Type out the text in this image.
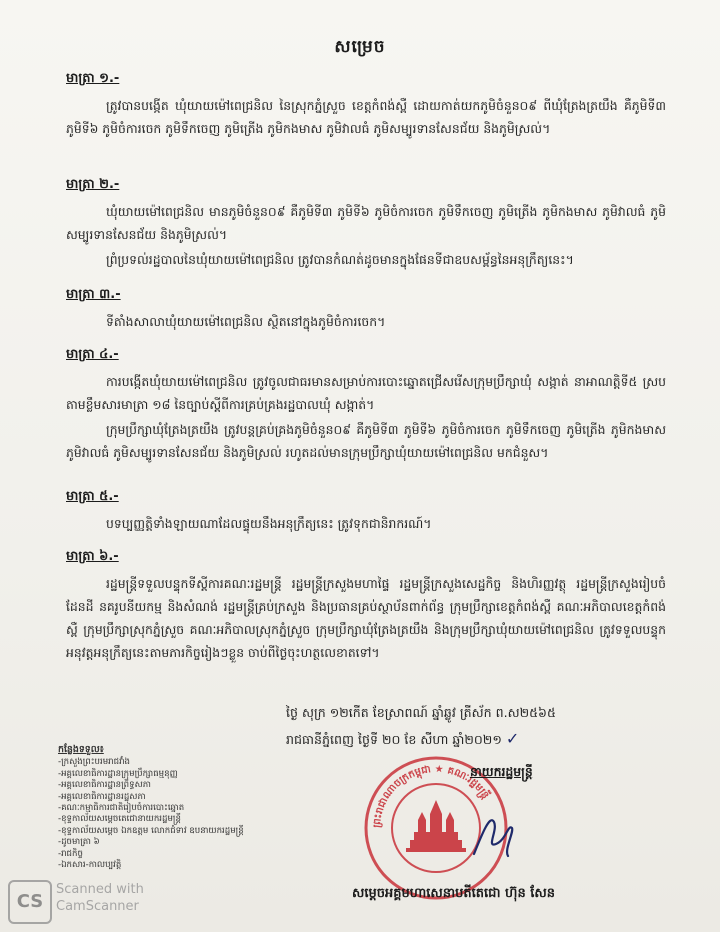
សម្រេច
មាត្រា ១.-
ត្រូវបានបង្កើត ឃុំយាយម៉ៅពេជ្រនិល នៃស្រុកភ្នំស្រួច ខេត្តកំពង់ស្ពឺ ដោយកាត់យកភូមិចំនួន០៩ ពីឃុំត្រែងត្រយឹង គឺភូមិទី៣ ភូមិទី៦ ភូមិចំការចេក ភូមិទឹកចេញ ភូមិត្រើង ភូមិកងមាស ភូមិវាលធំ ភូមិសម្បូរទានសែនជ័យ និងភូមិស្រល់។
មាត្រា ២.-
ឃុំយាយម៉ៅពេជ្រនិល មានភូមិចំនួន០៩ គឺភូមិទី៣ ភូមិទី៦ ភូមិចំការចេក ភូមិទឹកចេញ ភូមិត្រើង ភូមិកងមាស ភូមិវាលធំ ភូមិសម្បូរទានសែនជ័យ និងភូមិស្រល់។
ព្រំប្រទល់រដ្ឋបាលនៃឃុំយាយម៉ៅពេជ្រនិល ត្រូវបានកំណត់ដូចមានក្នុងផែនទីជាឧបសម្ព័ន្ធនៃអនុក្រឹត្យនេះ។
មាត្រា ៣.-
ទីតាំងសាលាឃុំយាយម៉ៅពេជ្រនិល ស្ថិតនៅក្នុងភូមិចំការចេក។
មាត្រា ៤.-
ការបង្កើតឃុំយាយម៉ៅពេជ្រនិល ត្រូវចូលជាធរមានសម្រាប់ការបោះឆ្នោតជ្រើសរើសក្រុមប្រឹក្សាឃុំ សង្កាត់ នាអាណត្តិទី៥ ស្របតាមខ្លឹមសារមាត្រា ១៨ នៃច្បាប់ស្តីពីការគ្រប់គ្រងរដ្ឋបាលឃុំ សង្កាត់។
ក្រុមប្រឹក្សាឃុំត្រែងត្រយឹង ត្រូវបន្តគ្រប់គ្រងភូមិចំនួន០៩ គឺភូមិទី៣ ភូមិទី៦ ភូមិចំការចេក ភូមិទឹកចេញ ភូមិត្រើង ភូមិកងមាស ភូមិវាលធំ ភូមិសម្បូរទានសែនជ័យ និងភូមិស្រល់ រហូតដល់មានក្រុមប្រឹក្សាឃុំយាយម៉ៅពេជ្រនិល មកជំនួស។
មាត្រា ៥.-
បទប្បញ្ញត្តិទាំងឡាយណាដែលផ្ទុយនឹងអនុក្រឹត្យនេះ ត្រូវទុកជានិរាករណ៍។
មាត្រា ៦.-
រដ្ឋមន្ត្រីទទួលបន្ទុកទីស្តីការគណៈរដ្ឋមន្ត្រី រដ្ឋមន្ត្រីក្រសួងមហាផ្ទៃ រដ្ឋមន្ត្រីក្រសួងសេដ្ឋកិច្ច និងហិរញ្ញវត្ថុ រដ្ឋមន្ត្រីក្រសួងរៀបចំដែនដី នគរូបនីយកម្ម និងសំណង់ រដ្ឋមន្ត្រីគ្រប់ក្រសួង និងប្រធានគ្រប់ស្ថាប័នពាក់ព័ន្ធ ក្រុមប្រឹក្សាខេត្តកំពង់ស្ពឺ គណៈអភិបាលខេត្តកំពង់ស្ពឺ ក្រុមប្រឹក្សាស្រុកភ្នំស្រួច គណៈអភិបាលស្រុកភ្នំស្រួច ក្រុមប្រឹក្សាឃុំត្រែងត្រយឹង និងក្រុមប្រឹក្សាឃុំយាយម៉ៅពេជ្រនិល ត្រូវទទួលបន្ទុកអនុវត្តអនុក្រឹត្យនេះតាមភារកិច្ចរៀងៗខ្លួន ចាប់ពីថ្ងៃចុះហត្ថលេខាតទៅ។
ថ្ងៃ សុក្រ ១២កើត ខែស្រាពណ៍ ឆ្នាំឆ្លូវ ត្រីស័ក ព.ស២៥៦៥
រាជធានីភ្នំពេញ ថ្ងៃទី ២០ ខែ សីហា ឆ្នាំ២០២១ ✓
កន្លែងទទួល៖
-ក្រសួងព្រះបរមរាជវាំង
-អគ្គលេខាធិការដ្ឋានក្រុមប្រឹក្សាធម្មនុញ្ញ
-អគ្គលេខាធិការដ្ឋានព្រឹទ្ធសភា
-អគ្គលេខាធិការដ្ឋានរដ្ឋសភា
-គណៈកម្មាធិការជាតិរៀបចំការបោះឆ្នោត
-ខុទ្ទកាល័យសម្តេចតេជោនាយករដ្ឋមន្ត្រី
-ខុទ្ទកាល័យសម្តេច ឯកឧត្តម លោកជំទាវ ឧបនាយករដ្ឋមន្ត្រី
-ដូចមាត្រា ៦
-រាជកិច្ច
-ឯកសារ-កាលប្បវត្តិ
ព្រះរាជាណាចក្រកម្ពុជា ★ គណៈរដ្ឋមន្ត្រី
នាយករដ្ឋមន្ត្រី
សម្តេចអគ្គមហាសេនាបតីតេជោ ហ៊ុន សែន
CS
Scanned with
CamScanner
